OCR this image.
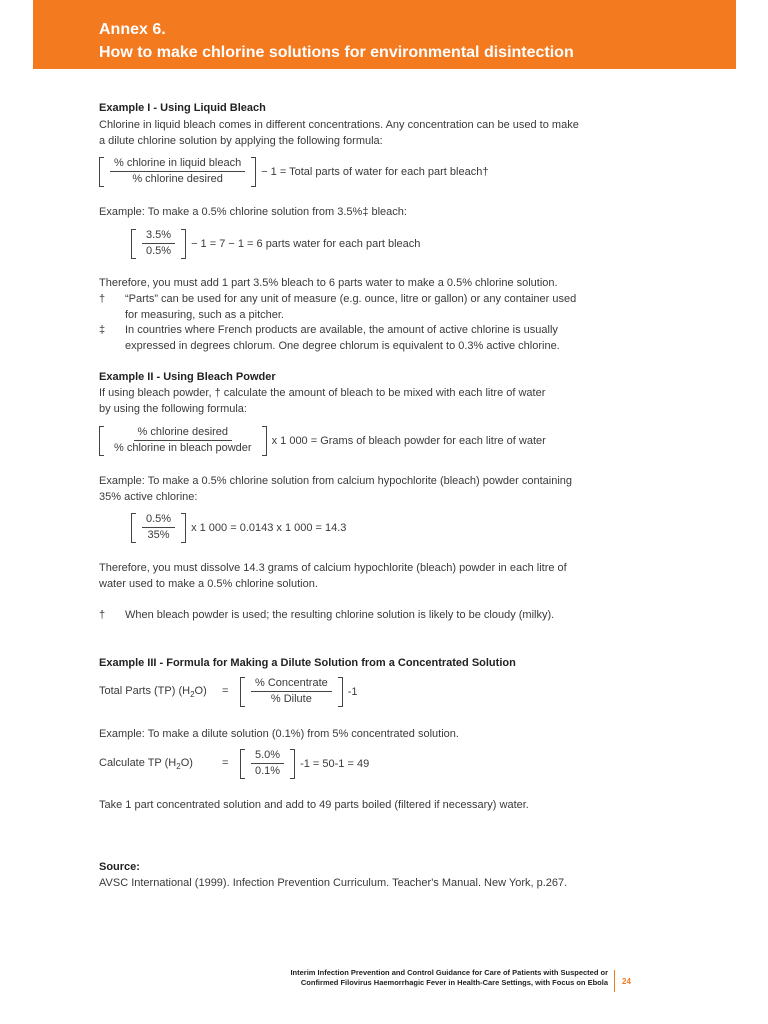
Annex 6.
How to make chlorine solutions for environmental disintection
Example I - Using Liquid Bleach
Chlorine in liquid bleach comes in different concentrations. Any concentration can be used to make
a dilute chlorine solution by applying the following formula:
$\frac{\text{\% chlorine in liquid bleach}}{\text{\% chlorine desired}} - 1$ = Total parts of water for each part bleach†
Example: To make a 0.5% chlorine solution from 3.5%‡ bleach:
$\frac{3.5\%}{0.5\%} - 1 = 7 - 1 = 6$ parts water for each part bleach
Therefore, you must add 1 part 3.5% bleach to 6 parts water to make a 0.5% chlorine solution.
†	“Parts” can be used for any unit of measure (e.g. ounce, litre or gallon) or any container used
for measuring, such as a pitcher.
‡	In countries where French products are available, the amount of active chlorine is usually
expressed in degrees chlorum. One degree chlorum is equivalent to 0.3% active chlorine.
Example II - Using Bleach Powder
If using bleach powder, † calculate the amount of bleach to be mixed with each litre of water
by using the following formula:
$\frac{\text{\% chlorine desired}}{\text{\% chlorine in bleach powder}}$ x 1 000 = Grams of bleach powder for each litre of water
Example: To make a 0.5% chlorine solution from calcium hypochlorite (bleach) powder containing
35% active chlorine:
$\frac{0.5\%}{35\%}$ x 1 000 = 0.0143 x 1 000 = 14.3
Therefore, you must dissolve 14.3 grams of calcium hypochlorite (bleach) powder in each litre of
water used to make a 0.5% chlorine solution.
†	When bleach powder is used; the resulting chlorine solution is likely to be cloudy (milky).
Example III - Formula for Making a Dilute Solution from a Concentrated Solution
Total Parts (TP) $(H_2O) = \frac{\text{\% Concentrate}}{\text{\% Dilute}} -1$
Example: To make a dilute solution (0.1%) from 5% concentrated solution.
Calculate TP $(H_2O)$	= $\frac{5.0\%}{0.1\%} -1 = 50-1 = 49$
Take 1 part concentrated solution and add to 49 parts boiled (filtered if necessary) water.
Source:
AVSC International (1999). Infection Prevention Curriculum. Teacher's Manual. New York, p.267.
Interim Infection Prevention and Control Guidance for Care of Patients with Suspected or
Confirmed Filovirus Haemorrhagic Fever in Health-Care Settings, with Focus on Ebola 24
